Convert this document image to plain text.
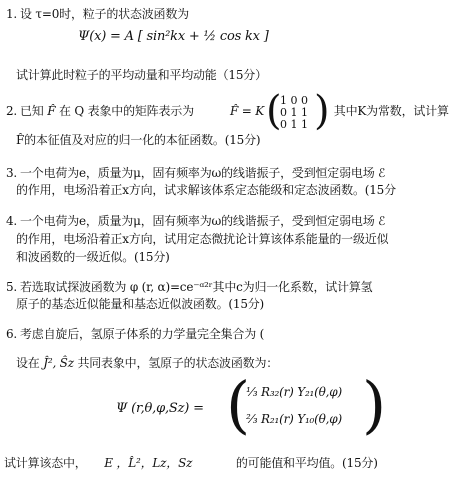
1. 设 τ=0时，粒子的状态波函数为
Ψ(x) = A [ sin²kx + ½ cos kx ]
试计算此时粒子的平均动量和平均动能（15分）
2. 已知 F̂ 在 Q 表象中的矩阵表示为	F̂ = K (
1 0 0
0 1 1
0 1 1 )
，其中K为常数，试计算
F̂的本征值及对应的归一化的本征函数。(15分)
3. 一个电荷为e，质量为μ，固有频率为ω的线谐振子，受到恒定弱电场 ℰ
的作用，电场沿着正x方向，试求解该体系定态能级和定态波函数。(15分
4. 一个电荷为e，质量为μ，固有频率为ω的线谐振子，受到恒定弱电场 ℰ
的作用，电场沿着正x方向，试用定态微扰论计算该体系能量的一级近似
和波函数的一级近似。(15分)
5. 若选取试探波函数为 φ (r, α)=ce⁻ᵅ²ʳ其中c为归一化系数，试计算氢
原子的基态近似能量和基态近似波函数。(15分)
6. 考虑自旋后，氢原子体系的力学量完全集合为 (
设在 Ĵ², Ŝz 共同表象中，氢原子的状态波函数为：
Ψ (r,θ,φ,Sz) = (
⅓ R₃₂(r) Y₂₁(θ,φ)
⅔ R₂₁(r) Y₁₀(θ,φ) )
试计算该态中， E ，L̂²，Lz，Sz	的可能值和平均值。(15分)
